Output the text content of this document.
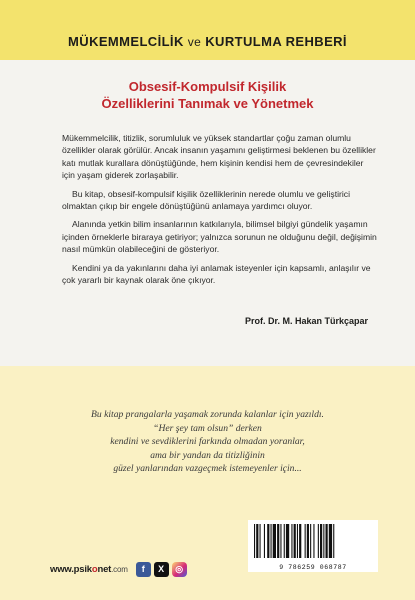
MÜKEMMELCİLİK ve KURTULMA REHBERİ
Obsesif-Kompulsif Kişilik
Özelliklerini Tanımak ve Yönetmek

Mükemmelcilik, titizlik, sorumluluk ve yüksek standartlar çoğu zaman olumlu özellikler olarak görülür. Ancak insanın yaşamını geliştirmesi beklenen bu özellikler katı mutlak kurallara dönüştüğünde, hem kişinin kendisi hem de çevresindekiler için yaşam giderek zorlaşabilir.

Bu kitap, obsesif-kompulsif kişilik özelliklerinin nerede olumlu ve geliştirici olmaktan çıkıp bir engele dönüştüğünü anlamaya yardımcı oluyor.

Alanında yetkin bilim insanlarının katkılarıyla, bilimsel bilgiyi gündelik yaşamın içinden örneklerle biraraya getiriyor; yalnızca sorunun ne olduğunu değil, değişimin nasıl mümkün olabileceğini de gösteriyor.

Kendini ya da yakınlarını daha iyi anlamak isteyenler için kapsamlı, anlaşılır ve çok yararlı bir kaynak olarak öne çıkıyor.

Prof. Dr. M. Hakan Türkçapar
Bu kitap prangalarla yaşamak zorunda kalanlar için yazıldı.
“Her şey tam olsun” derken
kendini ve sevdiklerini farkında olmadan yoranlar,
ama bir yandan da titizliğinin
güzel yanlarından vazgeçmek istemeyenler için...
www.psikonet.com	f	X	◎	9 786259 068787
